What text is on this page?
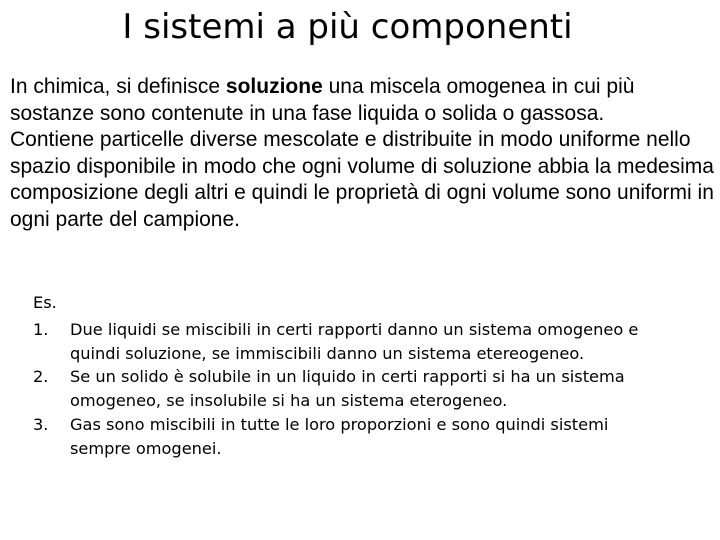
I sistemi a più componenti

In chimica, si definisce soluzione una miscela omogenea in cui più sostanze sono contenute in una fase liquida o solida o gassosa.

Contiene particelle diverse mescolate e distribuite in modo uniforme nello spazio disponibile in modo che ogni volume di soluzione abbia la medesima composizione degli altri e quindi le proprietà di ogni volume sono uniformi in ogni parte del campione.

Es.

1.	Due liquidi se miscibili in certi rapporti danno un sistema omogeneo e quindi soluzione, se immiscibili danno un sistema etereogeneo.
2.	Se un solido è solubile in un liquido in certi rapporti si ha un sistema omogeneo, se insolubile si ha un sistema eterogeneo.
3.	Gas sono miscibili in tutte le loro proporzioni e sono quindi sistemi sempre omogenei.
